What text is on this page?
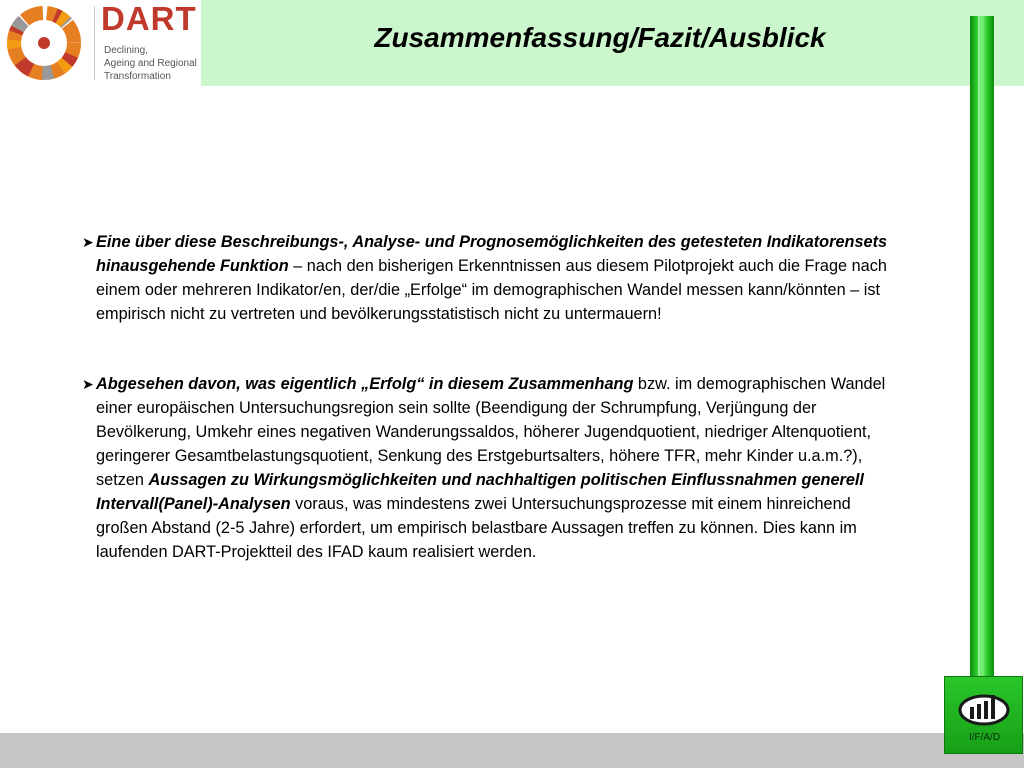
DART
Declining,
Ageing and Regional
Transformation
Zusammenfassung/Fazit/Ausblick
➤ Eine über diese Beschreibungs-, Analyse- und Prognosemöglichkeiten des getesteten Indikatorensets hinausgehende Funktion – nach den bisherigen Erkenntnissen aus diesem Pilotprojekt auch die Frage nach einem oder mehreren Indikator/en, der/die „Erfolge“ im demographischen Wandel messen kann/könnten – ist empirisch nicht zu vertreten und bevölkerungsstatistisch nicht zu untermauern!
➤ Abgesehen davon, was eigentlich „Erfolg“ in diesem Zusammenhang bzw. im demographischen Wandel einer europäischen Untersuchungsregion sein sollte (Beendigung der Schrumpfung, Verjüngung der Bevölkerung, Umkehr eines negativen Wanderungssaldos, höherer Jugendquotient, niedriger Altenquotient, geringerer Gesamtbelastungsquotient, Senkung des Erstgeburtsalters, höhere TFR, mehr Kinder u.a.m.?), setzen Aussagen zu Wirkungsmöglichkeiten und nachhaltigen politischen Einflussnahmen generell Intervall(Panel)-Analysen voraus, was mindestens zwei Untersuchungsprozesse mit einem hinreichend großen Abstand (2-5 Jahre) erfordert, um empirisch belastbare Aussagen treffen zu können. Dies kann im laufenden DART-Projektteil des IFAD kaum realisiert werden.
I/F/A/D
